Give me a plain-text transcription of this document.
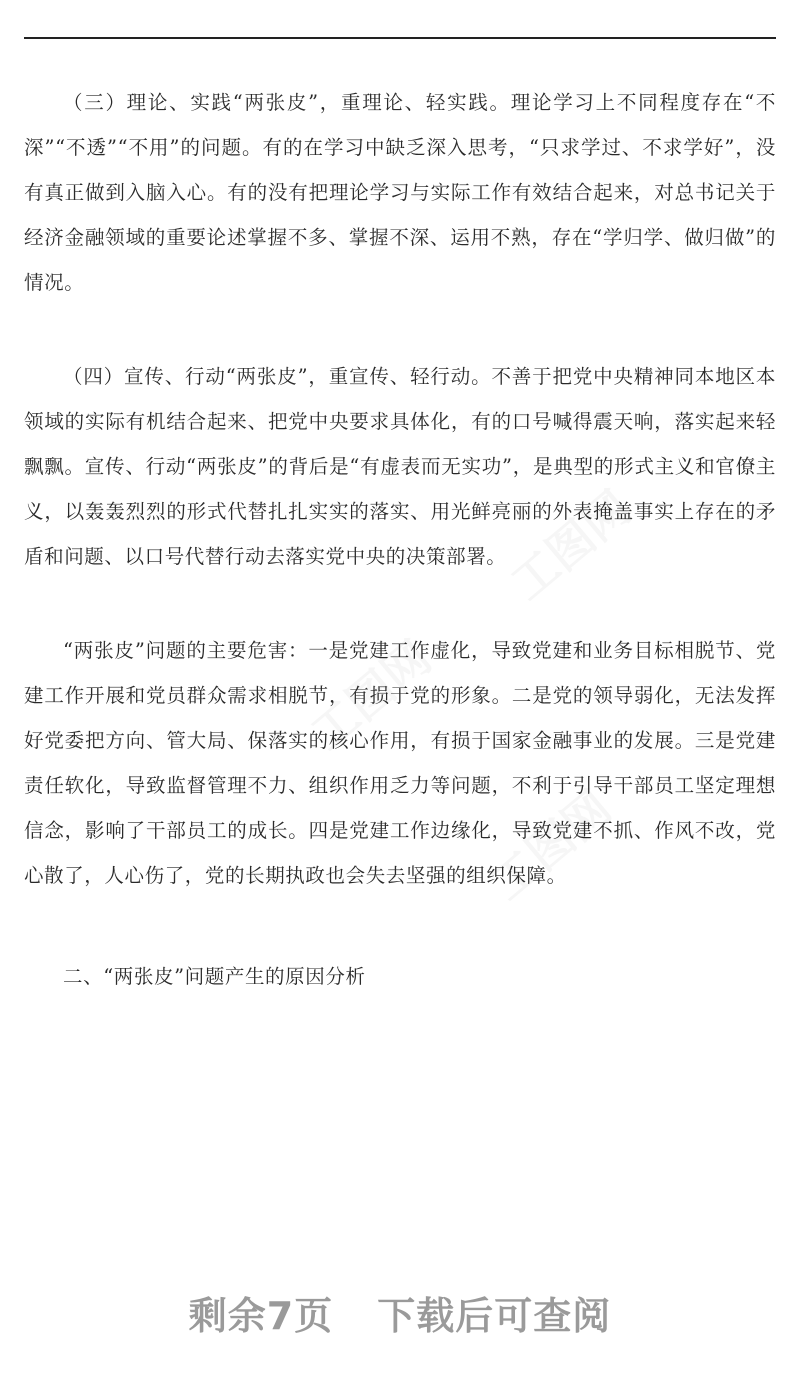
工图网
工图网
工图网

（三）理论、实践“两张皮”，重理论、轻实践。理论学习上不同程度存在“不深”“不透”“不用”的问题。有的在学习中缺乏深入思考，“只求学过、不求学好”，没有真正做到入脑入心。有的没有把理论学习与实际工作有效结合起来，对总书记关于经济金融领域的重要论述掌握不多、掌握不深、运用不熟，存在“学归学、做归做”的情况。

（四）宣传、行动“两张皮”，重宣传、轻行动。不善于把党中央精神同本地区本领域的实际有机结合起来、把党中央要求具体化，有的口号喊得震天响，落实起来轻飘飘。宣传、行动“两张皮”的背后是“有虚表而无实功”，是典型的形式主义和官僚主义，以轰轰烈烈的形式代替扎扎实实的落实、用光鲜亮丽的外表掩盖事实上存在的矛盾和问题、以口号代替行动去落实党中央的决策部署。

“两张皮”问题的主要危害：一是党建工作虚化，导致党建和业务目标相脱节、党建工作开展和党员群众需求相脱节，有损于党的形象。二是党的领导弱化，无法发挥好党委把方向、管大局、保落实的核心作用，有损于国家金融事业的发展。三是党建责任软化，导致监督管理不力、组织作用乏力等问题，不利于引导干部员工坚定理想信念，影响了干部员工的成长。四是党建工作边缘化，导致党建不抓、作风不改，党心散了，人心伤了，党的长期执政也会失去坚强的组织保障。

二、“两张皮”问题产生的原因分析

剩余7页 下载后可查阅
